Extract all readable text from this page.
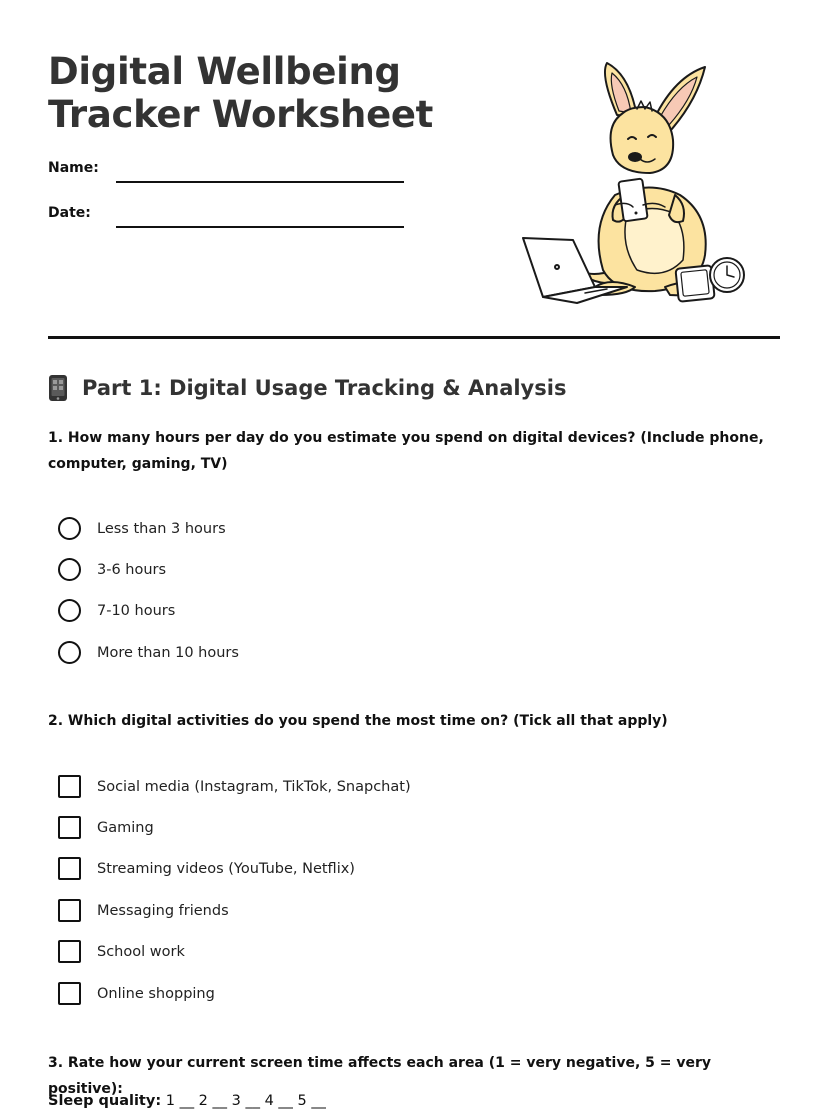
Digital Wellbeing
Tracker Worksheet
Name:
Date:
Part 1: Digital Usage Tracking & Analysis
1. How many hours per day do you estimate you spend on digital devices? (Include phone, computer, gaming, TV)
Less than 3 hours
3-6 hours
7-10 hours
More than 10 hours
2. Which digital activities do you spend the most time on? (Tick all that apply)
Social media (Instagram, TikTok, Snapchat)
Gaming
Streaming videos (YouTube, Netflix)
Messaging friends
School work
Online shopping
3. Rate how your current screen time affects each area (1 = very negative, 5 = very positive):
Sleep quality: 1 __ 2 __ 3 __ 4 __ 5 __
